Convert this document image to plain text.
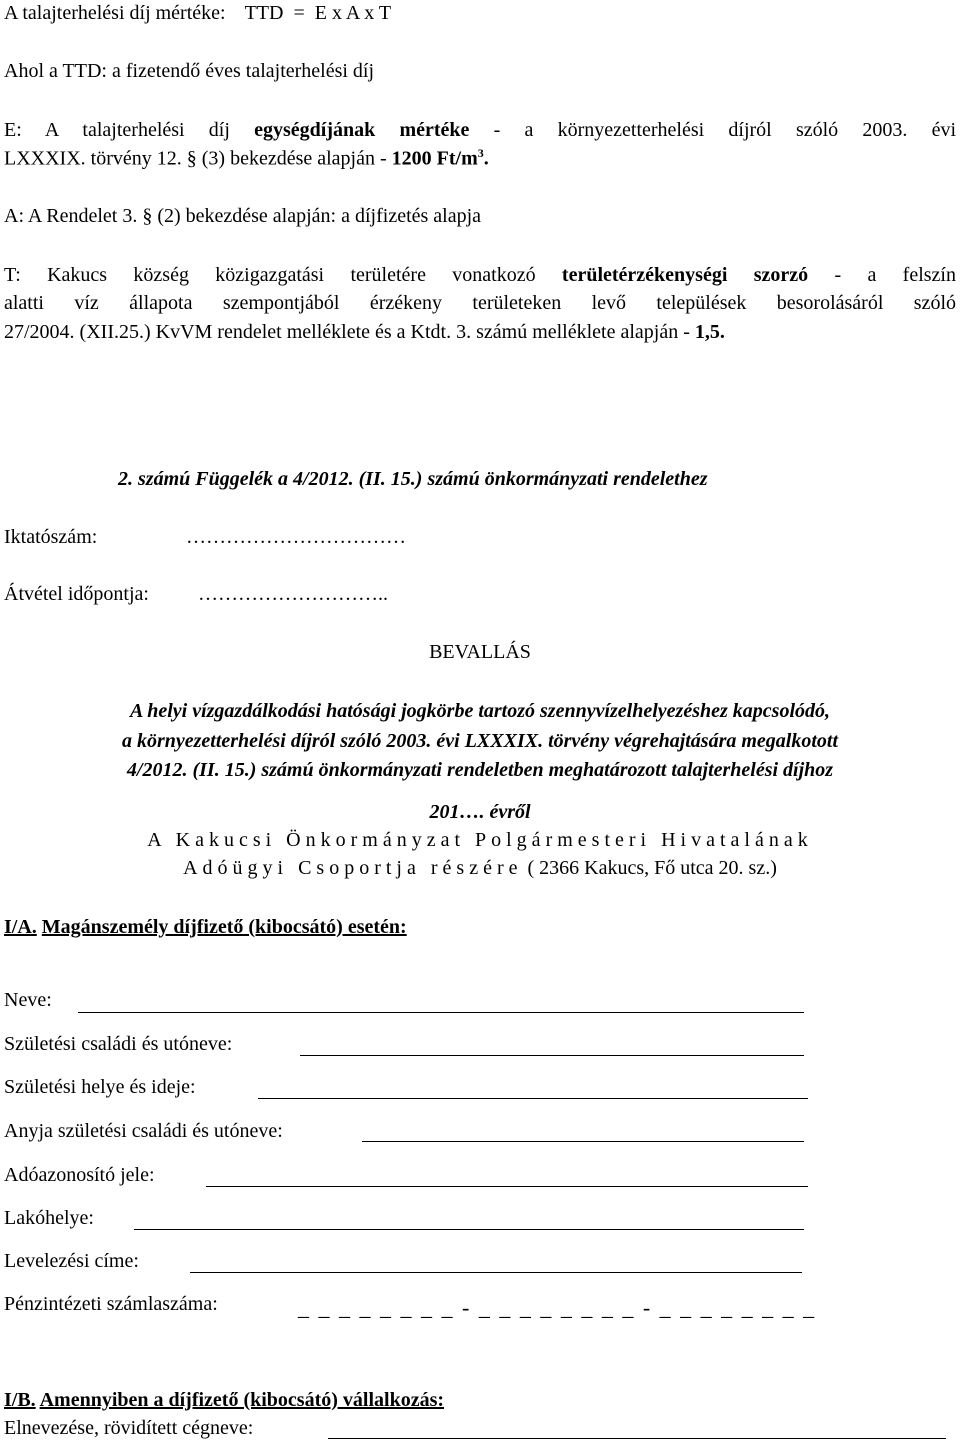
A talajterhelési díj mértéke: TTD  =  E x A x T
Ahol a TTD: a fizetendő éves talajterhelési díj
E: A talajterhelési díj egységdíjának mértéke - a környezetterhelési díjról szóló 2003. évi
LXXXIX. törvény 12. § (3) bekezdése alapján - 1200 $Ft/m^3$.
A: A Rendelet 3. § (2) bekezdése alapján: a díjfizetés alapja
T: Kakucs község közigazgatási területére vonatkozó területérzékenységi szorzó - a felszín
alatti víz állapota szempontjából érzékeny területeken levő települések besorolásáról szóló
27/2004. (XII.25.) KvVM rendelet melléklete és a Ktdt. 3. számú melléklete alapján - 1,5.
2. számú Függelék a 4/2012. (II. 15.) számú önkormányzati rendelethez
Iktatószám:	……………………………
Átvétel időpontja: ………………………..
BEVALLÁS
A helyi vízgazdálkodási hatósági jogkörbe tartozó szennyvízelhelyezéshez kapcsolódó,
a környezetterhelési díjról szóló 2003. évi LXXXIX. törvény végrehajtására megalkotott
4/2012. (II. 15.) számú önkormányzati rendeletben meghatározott talajterhelési díjhoz
201…. évről
A Kakucsi Önkormányzat Polgármesteri Hivatalának
Adóügyi Csoportja részére ( 2366 Kakucs, Fő utca 20. sz.)
I/A. Magánszemély díjfizető (kibocsátó) esetén:
Neve:
Születési családi és utóneve:
Születési helye és ideje:
Anyja születési családi és utóneve:
Adóazonosító jele:
Lakóhelye:
Levelezési címe:
Pénzintézeti számlaszáma:	_ _ _ _ _ _ _ _ - _ _ _ _ _ _ _ _ - _ _ _ _ _ _ _ _
I/B. Amennyiben a díjfizető (kibocsátó) vállalkozás:
Elnevezése, rövidített cégneve:
